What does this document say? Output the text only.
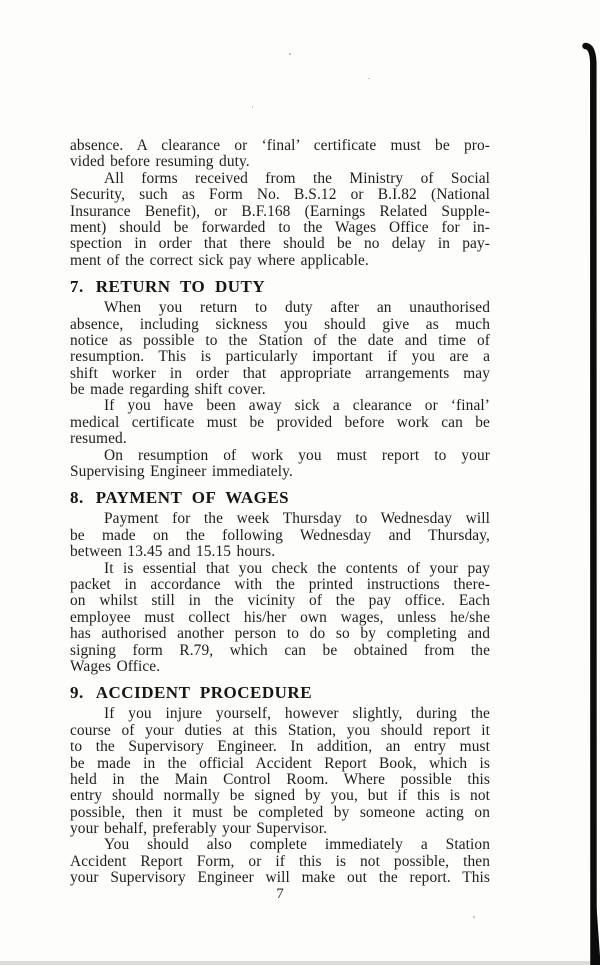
absence. A clearance or ‘final’ certificate must be pro-
vided before resuming duty.
All forms received from the Ministry of Social
Security, such as Form No. B.S.12 or B.I.82 (National
Insurance Benefit), or B.F.168 (Earnings Related Supple-
ment) should be forwarded to the Wages Office for in-
spection in order that there should be no delay in pay-
ment of the correct sick pay where applicable.
7. RETURN TO DUTY
When you return to duty after an unauthorised
absence, including sickness you should give as much
notice as possible to the Station of the date and time of
resumption. This is particularly important if you are a
shift worker in order that appropriate arrangements may
be made regarding shift cover.
If you have been away sick a clearance or ‘final’
medical certificate must be provided before work can be
resumed.
On resumption of work you must report to your
Supervising Engineer immediately.
8. PAYMENT OF WAGES
Payment for the week Thursday to Wednesday will
be made on the following Wednesday and Thursday,
between 13.45 and 15.15 hours.
It is essential that you check the contents of your pay
packet in accordance with the printed instructions there-
on whilst still in the vicinity of the pay office. Each
employee must collect his/her own wages, unless he/she
has authorised another person to do so by completing and
signing form R.79, which can be obtained from the
Wages Office.
9. ACCIDENT PROCEDURE
If you injure yourself, however slightly, during the
course of your duties at this Station, you should report it
to the Supervisory Engineer. In addition, an entry must
be made in the official Accident Report Book, which is
held in the Main Control Room. Where possible this
entry should normally be signed by you, but if this is not
possible, then it must be completed by someone acting on
your behalf, preferably your Supervisor.
You should also complete immediately a Station
Accident Report Form, or if this is not possible, then
your Supervisory Engineer will make out the report. This
7
